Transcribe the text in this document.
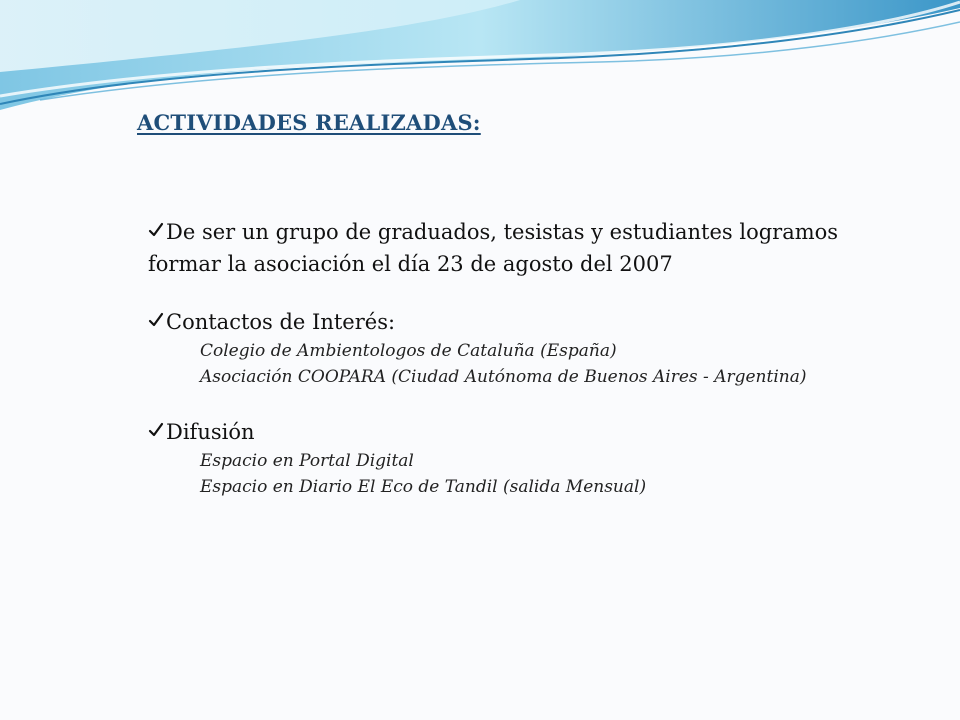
ACTIVIDADES REALIZADAS:

De ser un grupo de graduados, tesistas y estudiantes logramos formar la asociación el día 23 de agosto del 2007

Contactos de Interés:

Colegio de Ambientologos de Cataluña (España)

Asociación COOPARA (Ciudad Autónoma de Buenos Aires - Argentina)

Difusión

Espacio en Portal Digital

Espacio en Diario El Eco de Tandil (salida Mensual)
